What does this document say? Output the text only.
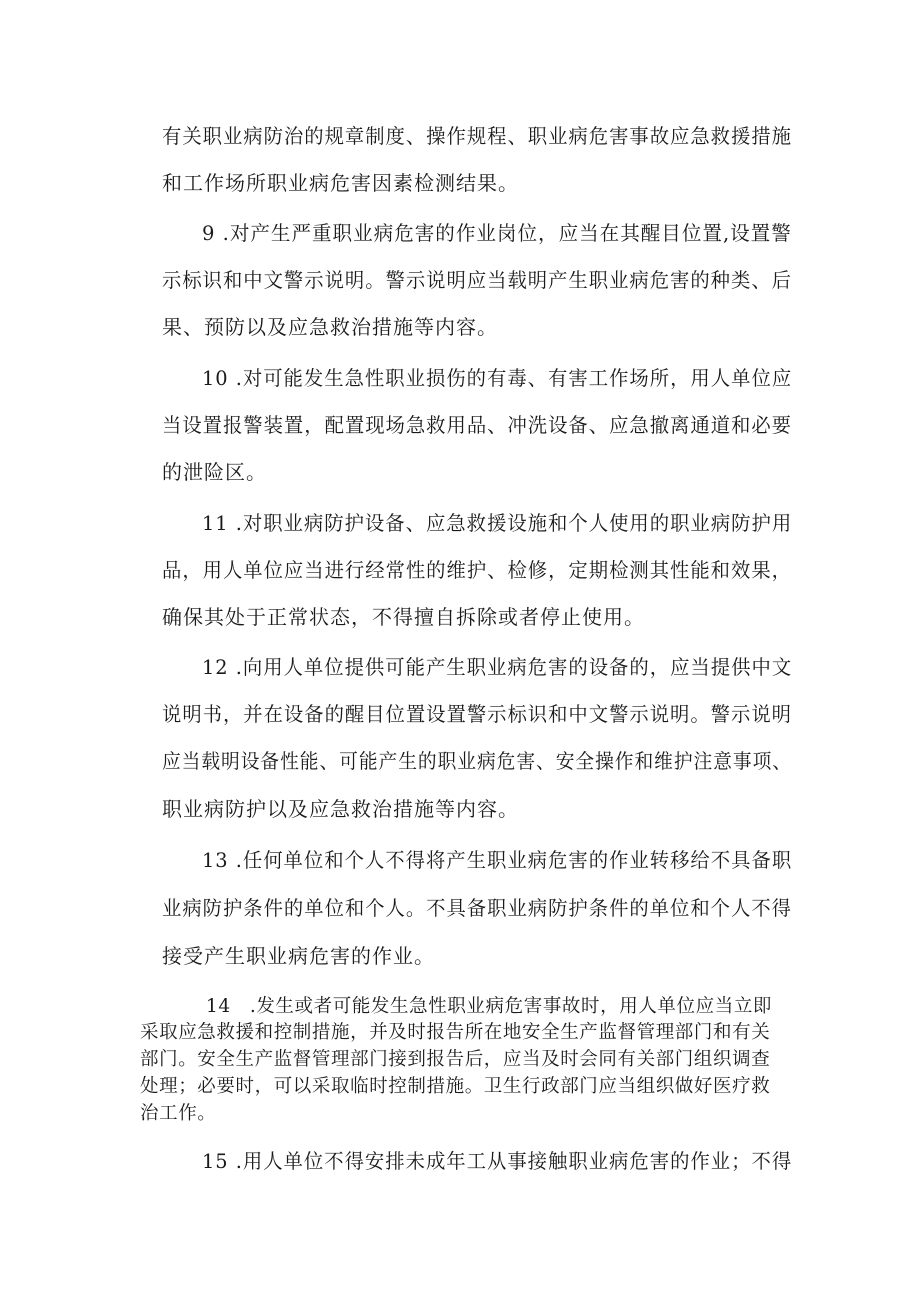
有关职业病防治的规章制度、操作规程、职业病危害事故应急救援措施

和工作场所职业病危害因素检测结果。

9 .对产生严重职业病危害的作业岗位，应当在其醒目位置,设置警

示标识和中文警示说明。警示说明应当载明产生职业病危害的种类、后

果、预防以及应急救治措施等内容。

10 .对可能发生急性职业损伤的有毒、有害工作场所，用人单位应

当设置报警装置，配置现场急救用品、冲洗设备、应急撤离通道和必要

的泄险区。

11 .对职业病防护设备、应急救援设施和个人使用的职业病防护用

品，用人单位应当进行经常性的维护、检修，定期检测其性能和效果，

确保其处于正常状态，不得擅自拆除或者停止使用。

12 .向用人单位提供可能产生职业病危害的设备的，应当提供中文

说明书，并在设备的醒目位置设置警示标识和中文警示说明。警示说明

应当载明设备性能、可能产生的职业病危害、安全操作和维护注意事项、

职业病防护以及应急救治措施等内容。

13 .任何单位和个人不得将产生职业病危害的作业转移给不具备职

业病防护条件的单位和个人。不具备职业病防护条件的单位和个人不得

接受产生职业病危害的作业。

14　.发生或者可能发生急性职业病危害事故时，用人单位应当立即

采取应急救援和控制措施，并及时报告所在地安全生产监督管理部门和有关

部门。安全生产监督管理部门接到报告后，应当及时会同有关部门组织调查

处理；必要时，可以采取临时控制措施。卫生行政部门应当组织做好医疗救

治工作。

15 .用人单位不得安排未成年工从事接触职业病危害的作业；不得
